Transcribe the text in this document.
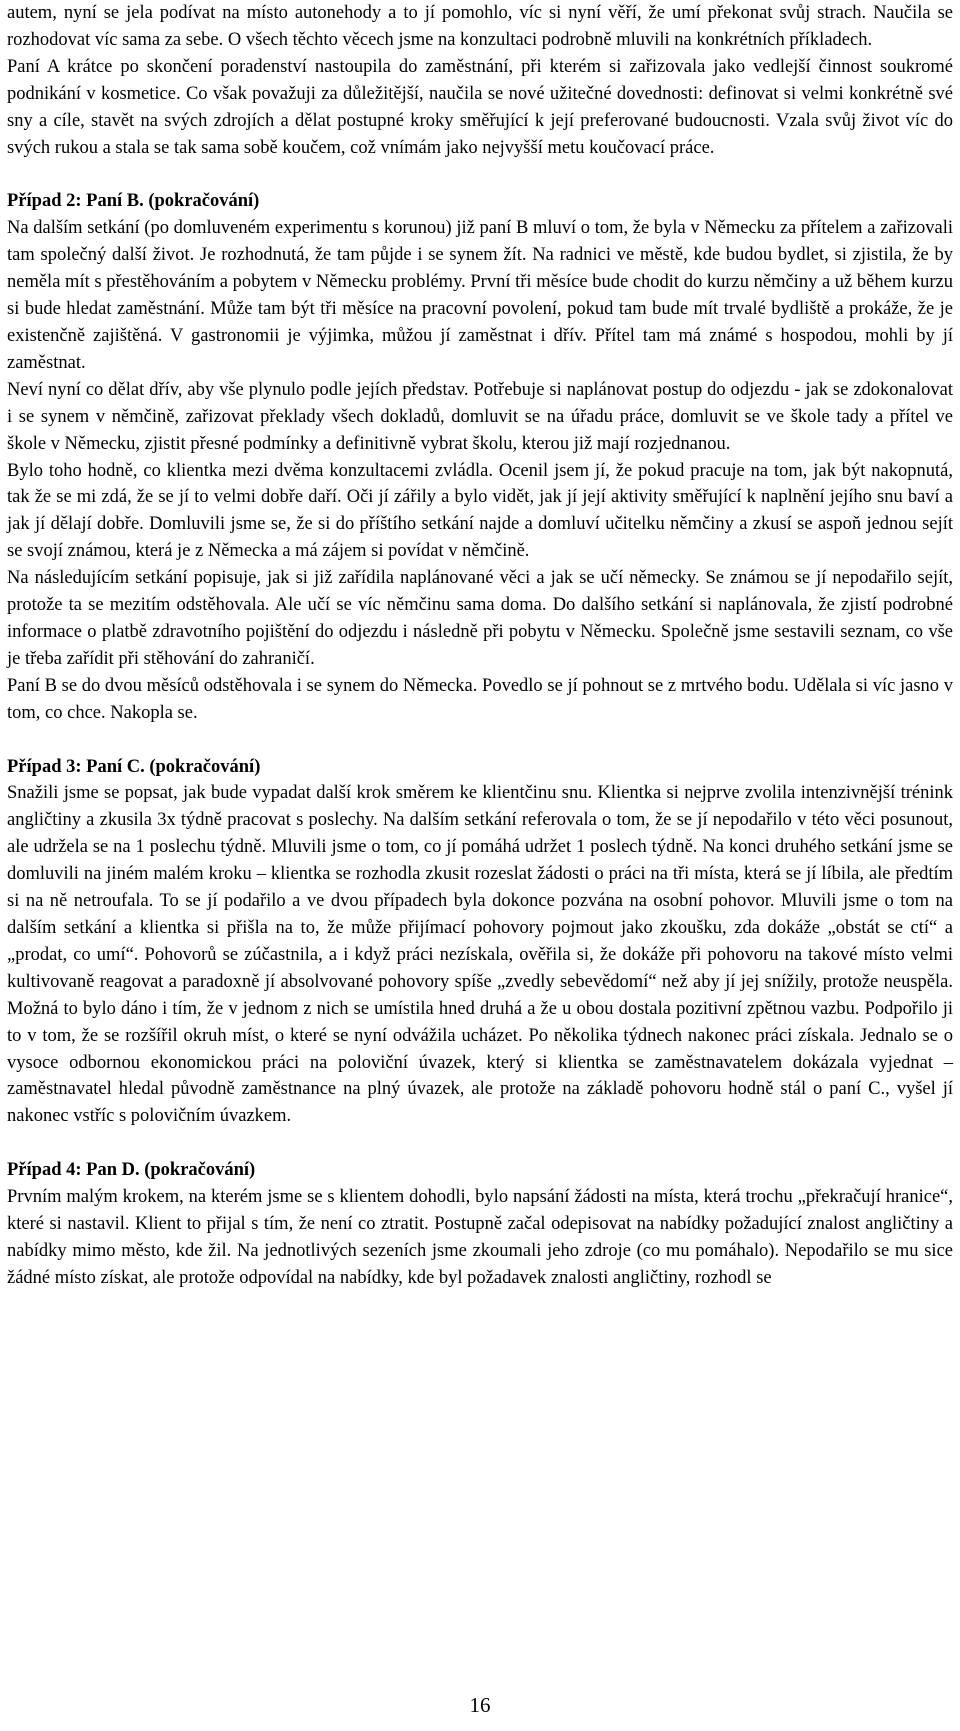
autem, nyní se jela podívat na místo autonehody a to jí pomohlo, víc si nyní věří, že umí překonat svůj strach. Naučila se rozhodovat víc sama za sebe. O všech těchto věcech jsme na konzultaci podrobně mluvili na konkrétních příkladech.

Paní A krátce po skončení poradenství nastoupila do zaměstnání, při kterém si zařizovala jako vedlejší činnost soukromé podnikání v kosmetice. Co však považuji za důležitější, naučila se nové užitečné dovednosti: definovat si velmi konkrétně své sny a cíle, stavět na svých zdrojích a dělat postupné kroky směřující k její preferované budoucnosti. Vzala svůj život víc do svých rukou a stala se tak sama sobě koučem, což vnímám jako nejvyšší metu koučovací práce.

Případ 2: Paní B. (pokračování)

Na dalším setkání (po domluveném experimentu s korunou) již paní B mluví o tom, že byla v Německu za přítelem a zařizovali tam společný další život. Je rozhodnutá, že tam půjde i se synem žít. Na radnici ve městě, kde budou bydlet, si zjistila, že by neměla mít s přestěhováním a pobytem v Německu problémy. První tři měsíce bude chodit do kurzu němčiny a už během kurzu si bude hledat zaměstnání. Může tam být tři měsíce na pracovní povolení, pokud tam bude mít trvalé bydliště a prokáže, že je existenčně zajištěná. V gastronomii je výjimka, můžou jí zaměstnat i dřív. Přítel tam má známé s hospodou, mohli by jí zaměstnat.

Neví nyní co dělat dřív, aby vše plynulo podle jejích představ. Potřebuje si naplánovat postup do odjezdu - jak se zdokonalovat i se synem v němčině, zařizovat překlady všech dokladů, domluvit se na úřadu práce, domluvit se ve škole tady a přítel ve škole v Německu, zjistit přesné podmínky a definitivně vybrat školu, kterou již mají rozjednanou.

Bylo toho hodně, co klientka mezi dvěma konzultacemi zvládla. Ocenil jsem jí, že pokud pracuje na tom, jak být nakopnutá, tak že se mi zdá, že se jí to velmi dobře daří. Oči jí zářily a bylo vidět, jak jí její aktivity směřující k naplnění jejího snu baví a jak jí dělají dobře. Domluvili jsme se, že si do příštího setkání najde a domluví učitelku němčiny a zkusí se aspoň jednou sejít se svojí známou, která je z Německa a má zájem si povídat v němčině.

Na následujícím setkání popisuje, jak si již zařídila naplánované věci a jak se učí německy. Se známou se jí nepodařilo sejít, protože ta se mezitím odstěhovala. Ale učí se víc němčinu sama doma. Do dalšího setkání si naplánovala, že zjistí podrobné informace o platbě zdravotního pojištění do odjezdu i následně při pobytu v Německu. Společně jsme sestavili seznam, co vše je třeba zařídit při stěhování do zahraničí.

Paní B se do dvou měsíců odstěhovala i se synem do Německa. Povedlo se jí pohnout se z mrtvého bodu. Udělala si víc jasno v tom, co chce. Nakopla se.

Případ 3: Paní C. (pokračování)

Snažili jsme se popsat, jak bude vypadat další krok směrem ke klientčinu snu. Klientka si nejprve zvolila intenzivnější trénink angličtiny a zkusila 3x týdně pracovat s poslechy. Na dalším setkání referovala o tom, že se jí nepodařilo v této věci posunout, ale udržela se na 1 poslechu týdně. Mluvili jsme o tom, co jí pomáhá udržet 1 poslech týdně. Na konci druhého setkání jsme se domluvili na jiném malém kroku – klientka se rozhodla zkusit rozeslat žádosti o práci na tři místa, která se jí líbila, ale předtím si na ně netroufala. To se jí podařilo a ve dvou případech byla dokonce pozvána na osobní pohovor. Mluvili jsme o tom na dalším setkání a klientka si přišla na to, že může přijímací pohovory pojmout jako zkoušku, zda dokáže „obstát se ctí“ a „prodat, co umí“. Pohovorů se zúčastnila, a i když práci nezískala, ověřila si, že dokáže při pohovoru na takové místo velmi kultivovaně reagovat a paradoxně jí absolvované pohovory spíše „zvedly sebevědomí“ než aby jí jej snížily, protože neuspěla. Možná to bylo dáno i tím, že v jednom z nich se umístila hned druhá a že u obou dostala pozitivní zpětnou vazbu. Podpořilo ji to v tom, že se rozšířil okruh míst, o které se nyní odvážila ucházet. Po několika týdnech nakonec práci získala. Jednalo se o vysoce odbornou ekonomickou práci na poloviční úvazek, který si klientka se zaměstnavatelem dokázala vyjednat – zaměstnavatel hledal původně zaměstnance na plný úvazek, ale protože na základě pohovoru hodně stál o paní C., vyšel jí nakonec vstříc s polovičním úvazkem.

Případ 4: Pan D. (pokračování)

Prvním malým krokem, na kterém jsme se s klientem dohodli, bylo napsání žádosti na místa, která trochu „překračují hranice“, které si nastavil. Klient to přijal s tím, že není co ztratit. Postupně začal odepisovat na nabídky požadující znalost angličtiny a nabídky mimo město, kde žil. Na jednotlivých sezeních jsme zkoumali jeho zdroje (co mu pomáhalo). Nepodařilo se mu sice žádné místo získat, ale protože odpovídal na nabídky, kde byl požadavek znalosti angličtiny, rozhodl se

16
